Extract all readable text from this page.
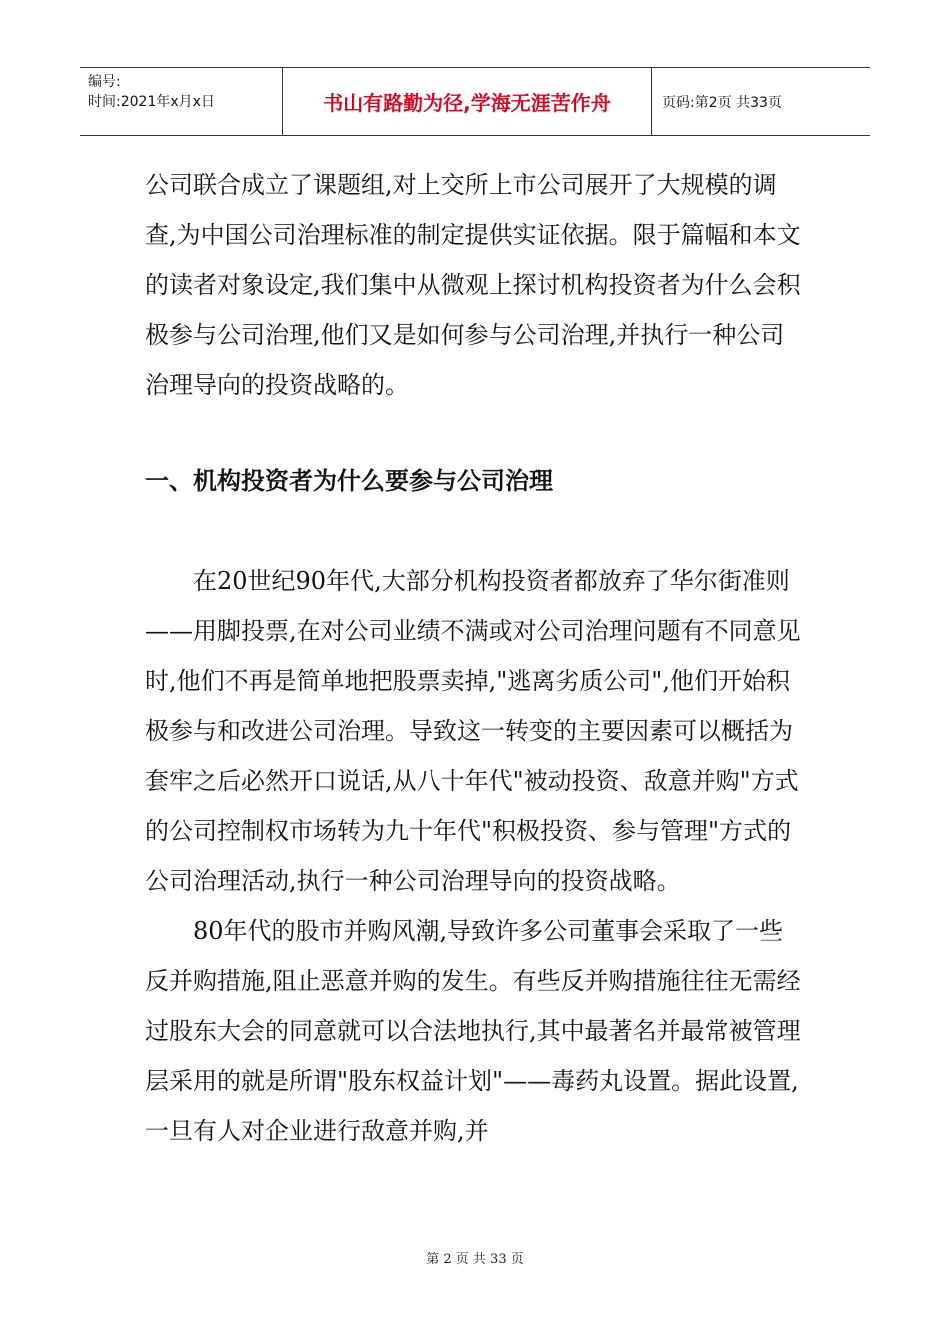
编号:
时间:2021年x月x日	书山有路勤为径,学海无涯苦作舟	页码:第2页 共33页

公司联合成立了课题组,对上交所上市公司展开了大规模的调查,为中国公司治理标准的制定提供实证依据。限于篇幅和本文的读者对象设定,我们集中从微观上探讨机构投资者为什么会积极参与公司治理,他们又是如何参与公司治理,并执行一种公司治理导向的投资战略的。

一、机构投资者为什么要参与公司治理

在20世纪90年代,大部分机构投资者都放弃了华尔街准则——用脚投票,在对公司业绩不满或对公司治理问题有不同意见时,他们不再是简单地把股票卖掉,"逃离劣质公司",他们开始积极参与和改进公司治理。导致这一转变的主要因素可以概括为套牢之后必然开口说话,从八十年代"被动投资、敌意并购"方式的公司控制权市场转为九十年代"积极投资、参与管理"方式的公司治理活动,执行一种公司治理导向的投资战略。

80年代的股市并购风潮,导致许多公司董事会采取了一些反并购措施,阻止恶意并购的发生。有些反并购措施往往无需经过股东大会的同意就可以合法地执行,其中最著名并最常被管理层采用的就是所谓"股东权益计划"——毒药丸设置。据此设置,一旦有人对企业进行敌意并购,并

第 2 页 共 33 页
